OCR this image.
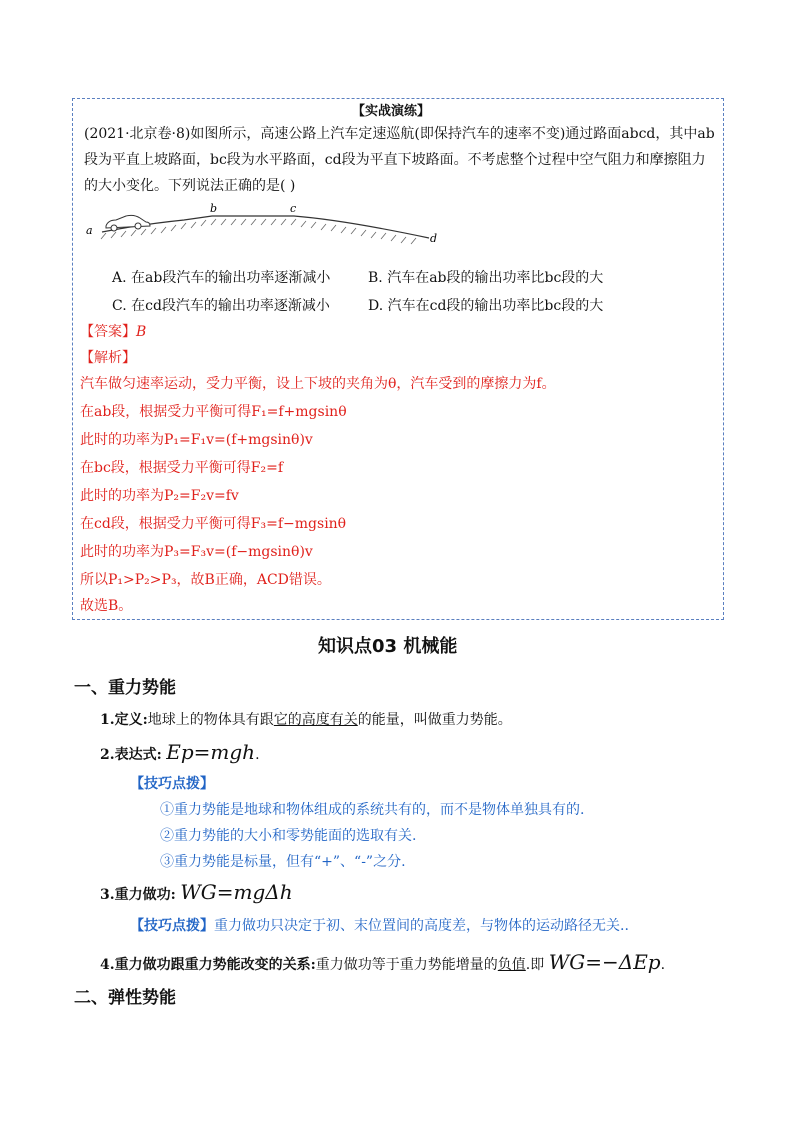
【实战演练】
(2021·北京卷·8)如图所示，高速公路上汽车定速巡航(即保持汽车的速率不变)通过路面abcd，其中ab
段为平直上坡路面，bc段为水平路面，cd段为平直下坡路面。不考虑整个过程中空气阻力和摩擦阻力
的大小变化。下列说法正确的是( )
a
b	c
d
A. 在ab段汽车的输出功率逐渐减小	B. 汽车在ab段的输出功率比bc段的大
C. 在cd段汽车的输出功率逐渐减小	D. 汽车在cd段的输出功率比bc段的大
【答案】B
【解析】
汽车做匀速率运动，受力平衡，设上下坡的夹角为θ，汽车受到的摩擦力为f。
在ab段，根据受力平衡可得F₁=f+mgsinθ
此时的功率为P₁=F₁v=(f+mgsinθ)v
在bc段，根据受力平衡可得F₂=f
此时的功率为P₂=F₂v=fv
在cd段，根据受力平衡可得F₃=f−mgsinθ
此时的功率为P₃=F₃v=(f−mgsinθ)v
所以P₁>P₂>P₃，故B正确，ACD错误。
故选B。
知识点03 机械能
一、重力势能
1.定义:地球上的物体具有跟它的高度有关的能量，叫做重力势能。
2.表达式: Ep=mgh.
【技巧点拨】
①重力势能是地球和物体组成的系统共有的，而不是物体单独具有的.
②重力势能的大小和零势能面的选取有关.
③重力势能是标量，但有“+”、“-”之分.
3.重力做功: WG=mgΔh
【技巧点拨】重力做功只决定于初、末位置间的高度差，与物体的运动路径无关..
4.重力做功跟重力势能改变的关系:重力做功等于重力势能增量的负值.即 WG=−ΔEp.
二、弹性势能
